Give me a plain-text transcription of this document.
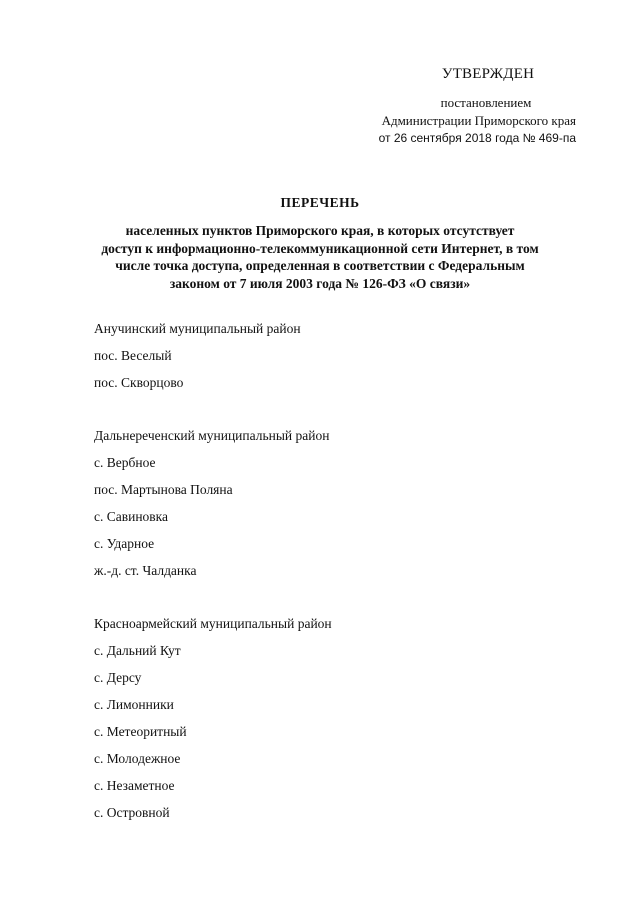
УТВЕРЖДЕН
постановлением
Администрации Приморского края
от 26 сентября 2018 года № 469-па
ПЕРЕЧЕНЬ
населенных пунктов Приморского края, в которых отсутствует
доступ к информационно-телекоммуникационной сети Интернет, в том
числе точка доступа, определенная в соответствии с Федеральным
законом от 7 июля 2003 года № 126-ФЗ «О связи»
Анучинский муниципальный район
пос. Веселый
пос. Скворцово
Дальнереченский муниципальный район
с. Вербное
пос. Мартынова Поляна
с. Савиновка
с. Ударное
ж.-д. ст. Чалданка
Красноармейский муниципальный район
с. Дальний Кут
с. Дерсу
с. Лимонники
с. Метеоритный
с. Молодежное
с. Незаметное
с. Островной
